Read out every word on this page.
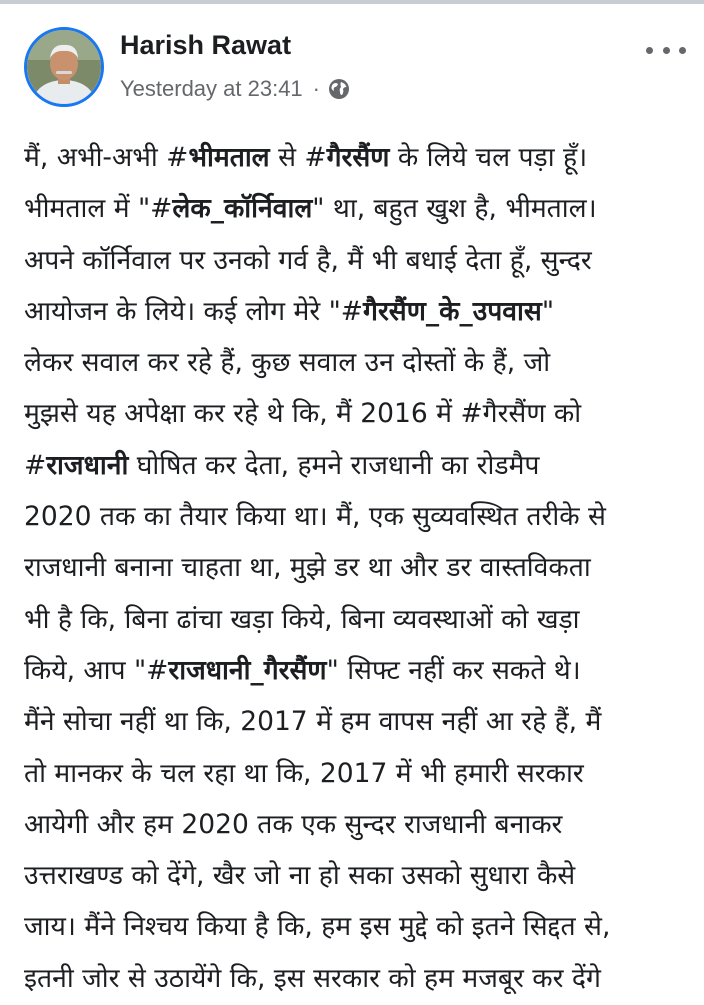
Harish Rawat
Yesterday at 23:41 ·
मैं, अभी-अभी #भीमताल से #गैरसैंण के लिये चल पड़ा हूँ।
भीमताल में "#लेक_कॉर्निवाल" था, बहुत खुश है, भीमताल।
अपने कॉर्निवाल पर उनको गर्व है, मैं भी बधाई देता हूँ, सुन्दर
आयोजन के लिये। कई लोग मेरे "#गैरसैंण_के_उपवास"
लेकर सवाल कर रहे हैं, कुछ सवाल उन दोस्तों के हैं, जो
मुझसे यह अपेक्षा कर रहे थे कि, मैं 2016 में #गैरसैंण को
#राजधानी घोषित कर देता, हमने राजधानी का रोडमैप
2020 तक का तैयार किया था। मैं, एक सुव्यवस्थित तरीके से
राजधानी बनाना चाहता था, मुझे डर था और डर वास्तविकता
भी है कि, बिना ढांचा खड़ा किये, बिना व्यवस्थाओं को खड़ा
किये, आप "#राजधानी_गैरसैंण" सिफ्ट नहीं कर सकते थे।
मैंने सोचा नहीं था कि, 2017 में हम वापस नहीं आ रहे हैं, मैं
तो मानकर के चल रहा था कि, 2017 में भी हमारी सरकार
आयेगी और हम 2020 तक एक सुन्दर राजधानी बनाकर
उत्तराखण्ड को देंगे, खैर जो ना हो सका उसको सुधारा कैसे
जाय। मैंने निश्चय किया है कि, हम इस मुद्दे को इतने सिद्दत से,
इतनी जोर से उठायेंगे कि, इस सरकार को हम मजबूर कर देंगे
